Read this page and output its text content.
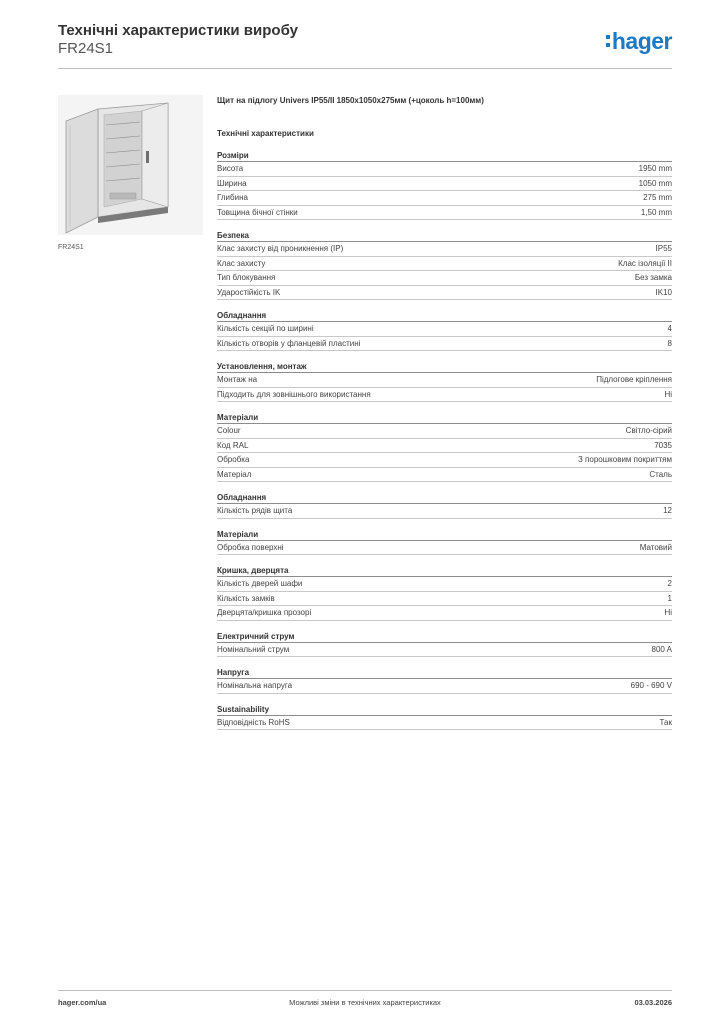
Технічні характеристики виробу
FR24S1	hager
FR24S1
Щит на підлогу Univers IP55/II 1850x1050x275мм (+цоколь h=100мм)
Технічні характеристики
Розміри
Висота	1950 mm
Ширина	1050 mm
Глибина	275 mm
Товщина бічної стінки	1,50 mm
Безпека
Клас захисту від проникнення (IP)	IP55
Клас захисту	Клас ізоляції II
Тип блокування	Без замка
Ударостійкість IK	IK10
Обладнання
Кількість секцій по ширині	4
Кількість отворів у фланцевій пластині	8
Установлення, монтаж
Монтаж на	Підлогове кріплення
Підходить для зовнішнього використання	Ні
Матеріали
Colour	Світло-сірий
Код RAL	7035
Обробка	З порошковим покриттям
Матеріал	Сталь
Обладнання
Кількість рядів щита	12
Матеріали
Обробка поверхні	Матовий
Кришка, дверцята
Кількість дверей шафи	2
Кількість замків	1
Дверцята/кришка прозорі	Ні
Електричний струм
Номінальний струм	800 A
Напруга
Номінальна напруга	690 - 690 V
Sustainability
Відповідність RoHS	Так
hager.com/ua	Можливі зміни в технічних характеристиках	03.03.2026
